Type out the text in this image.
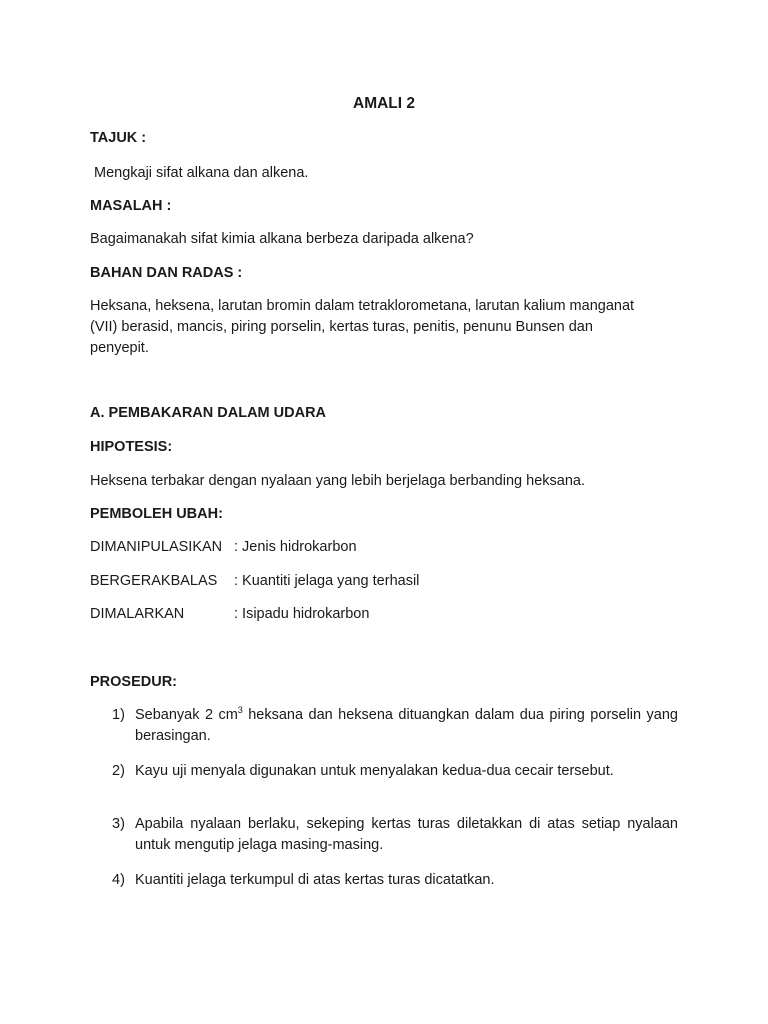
AMALI 2
TAJUK :
Mengkaji sifat alkana dan alkena.
MASALAH :
Bagaimanakah sifat kimia alkana berbeza daripada alkena?
BAHAN DAN RADAS :
Heksana, heksena, larutan bromin dalam tetraklorometana, larutan kalium manganat
(VII) berasid, mancis, piring porselin, kertas turas, penitis, penunu Bunsen dan
penyepit.
A. PEMBAKARAN DALAM UDARA
HIPOTESIS:
Heksena terbakar dengan nyalaan yang lebih berjelaga berbanding heksana.
PEMBOLEH UBAH:
DIMANIPULASIKAN : Jenis hidrokarbon
BERGERAKBALAS : Kuantiti jelaga yang terhasil
DIMALARKAN	: Isipadu hidrokarbon
PROSEDUR:
1) Sebanyak 2 $cm^3$ heksana dan heksena dituangkan dalam dua piring porselin yang berasingan.
2) Kayu uji menyala digunakan untuk menyalakan kedua-dua cecair tersebut.
3) Apabila nyalaan berlaku, sekeping kertas turas diletakkan di atas setiap nyalaan untuk mengutip jelaga masing-masing.
4) Kuantiti jelaga terkumpul di atas kertas turas dicatatkan.
